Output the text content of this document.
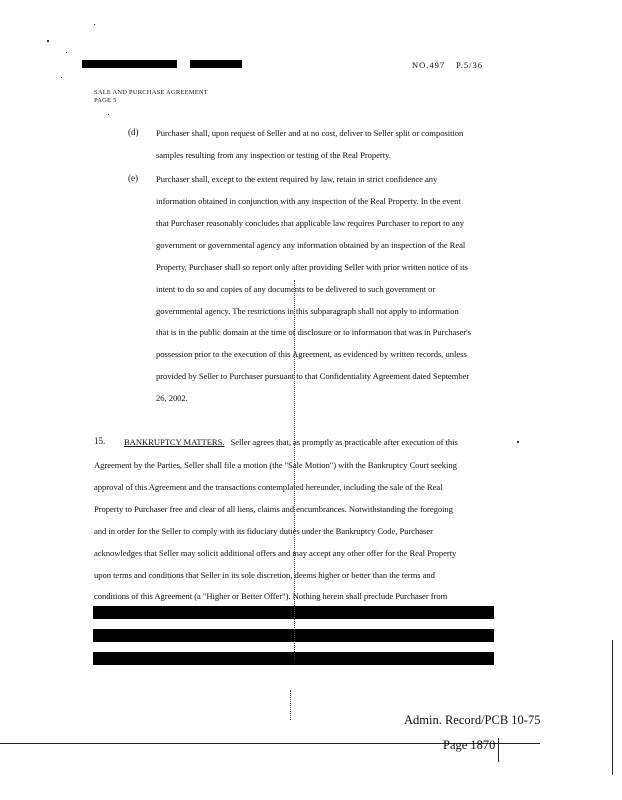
NO.497 P.5/36
SALE AND PURCHASE AGREEMENT
PAGE 5
(d) Purchaser shall, upon request of Seller and at no cost, deliver to Seller split or composition
samples resulting from any inspection or testing of the Real Property.
(e) Purchaser shall, except to the extent required by law, retain in strict confidence any
information obtained in conjunction with any inspection of the Real Property. In the event
that Purchaser reasonably concludes that applicable law requires Purchaser to report to any
government or governmental agency any information obtained by an inspection of the Real
Property, Purchaser shall so report only after providing Seller with prior written notice of its
intent to do so and copies of any documents to be delivered to such government or
governmental agency. The restrictions in this subparagraph shall not apply to information
that is in the public domain at the time of disclosure or to information that was in Purchaser's
possession prior to the execution of this Agreement, as evidenced by written records, unless
provided by Seller to Purchaser pursuant to that Confidentiality Agreement dated September
26, 2002.
15. BANKRUPTCY MATTERS. Seller agrees that, as promptly as practicable after execution of this
Agreement by the Parties, Seller shall file a motion (the "Sale Motion") with the Bankruptcy Court seeking
approval of this Agreement and the transactions contemplated hereunder, including the sale of the Real
Property to Purchaser free and clear of all liens, claims and encumbrances. Notwithstanding the foregoing
and in order for the Seller to comply with its fiduciary duties under the Bankruptcy Code, Purchaser
acknowledges that Seller may solicit additional offers and may accept any other offer for the Real Property
upon terms and conditions that Seller in its sole discretion, deems higher or better than the terms and
conditions of this Agreement (a "Higher or Better Offer"). Nothing herein shall preclude Purchaser from
Admin. Record/PCB 10-75
Page 1870
